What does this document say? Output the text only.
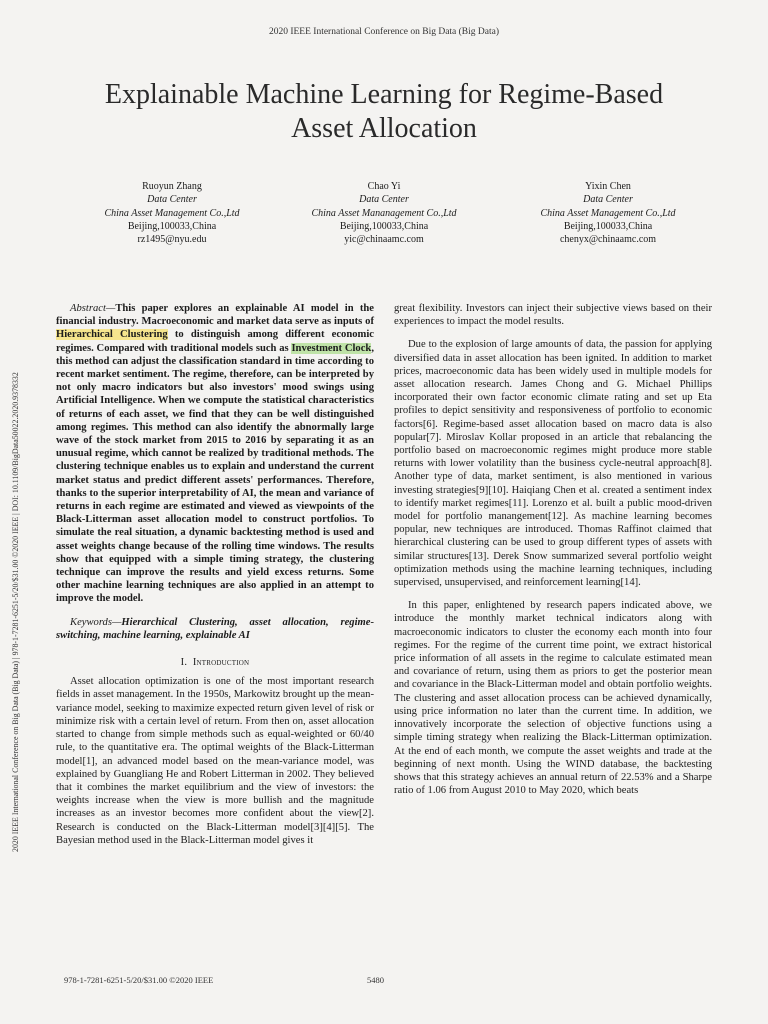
2020 IEEE International Conference on Big Data (Big Data)
Explainable Machine Learning for Regime-Based
Asset Allocation
Ruoyun Zhang
Data Center
China Asset Management Co.,Ltd
Beijing,100033,China
rz1495@nyu.edu
Chao Yi
Data Center
China Asset Mananagement Co.,Ltd
Beijing,100033,China
yic@chinaamc.com
Yixin Chen
Data Center
China Asset Management Co.,Ltd
Beijing,100033,China
chenyx@chinaamc.com
2020 IEEE International Conference on Big Data (Big Data) | 978-1-7281-6251-5/20/$31.00 ©2020 IEEE | DOI: 10.1109/BigData50022.2020.9378332

Abstract—This paper explores an explainable AI model in the financial industry. Macroeconomic and market data serve as inputs of Hierarchical Clustering to distinguish among different economic regimes. Compared with traditional models such as Investment Clock, this method can adjust the classification standard in time according to recent market sentiment. The regime, therefore, can be interpreted by not only macro indicators but also investors' mood swings using Artificial Intelligence. When we compute the statistical characteristics of returns of each asset, we find that they can be well distinguished among regimes. This method can also identify the abnormally large wave of the stock market from 2015 to 2016 by separating it as an unusual regime, which cannot be realized by traditional methods. The clustering technique enables us to explain and understand the current market status and predict different assets' performances. Therefore, thanks to the superior interpretability of AI, the mean and variance of returns in each regime are estimated and viewed as viewpoints of the Black-Litterman asset allocation model to construct portfolios. To simulate the real situation, a dynamic backtesting method is used and asset weights change because of the rolling time windows. The results show that equipped with a simple timing strategy, the clustering technique can improve the results and yield excess returns. Some other machine learning techniques are also applied in an attempt to improve the model.

Keywords—Hierarchical Clustering, asset allocation, regime-switching, machine learning, explainable AI

I. Introduction

Asset allocation optimization is one of the most important research fields in asset management. In the 1950s, Markowitz brought up the mean-variance model, seeking to maximize expected return given level of risk or minimize risk with a certain level of return. From then on, asset allocation started to change from simple methods such as equal-weighted or 60/40 rule, to the quantitative era. The optimal weights of the Black-Litterman model[1], an advanced model based on the mean-variance model, was explained by Guangliang He and Robert Litterman in 2002. They believed that it combines the market equilibrium and the view of investors: the weights increase when the view is more bullish and the magnitude increases as an investor becomes more confident about the view[2]. Research is conducted on the Black-Litterman model[3][4][5]. The Bayesian method used in the Black-Litterman model gives it

great flexibility. Investors can inject their subjective views based on their experiences to impact the model results.

Due to the explosion of large amounts of data, the passion for applying diversified data in asset allocation has been ignited. In addition to market prices, macroeconomic data has been widely used in multiple models for asset allocation research. James Chong and G. Michael Phillips incorporated their own factor economic climate rating and set up Eta profiles to depict sensitivity and responsiveness of portfolio to economic factors[6]. Regime-based asset allocation based on macro data is also popular[7]. Miroslav Kollar proposed in an article that rebalancing the portfolio based on macroeconomic regimes might produce more stable returns with lower volatility than the business cycle-neutral approach[8]. Another type of data, market sentiment, is also mentioned in various investing strategies[9][10]. Haiqiang Chen et al. created a sentiment index to identify market regimes[11]. Lorenzo et al. built a public mood-driven model for portfolio manangement[12]. As machine learning becomes popular, new techniques are introduced. Thomas Raffinot claimed that hierarchical clustering can be used to group different types of assets with similar structures[13]. Derek Snow summarized several portfolio weight optimization methods using the machine learning techniques, including supervised, unsupervised, and reinforcement learning[14].

In this paper, enlightened by research papers indicated above, we introduce the monthly market technical indicators along with macroeconomic indicators to cluster the economy each month into four regimes. For the regime of the current time point, we extract historical price information of all assets in the regime to calculate estimated mean and covariance of return, using them as priors to get the posterior mean and covariance in the Black-Litterman model and obtain portfolio weights. The clustering and asset allocation process can be achieved dynamically, using price information no later than the current time. In addition, we innovatively incorporate the selection of objective functions using a simple timing strategy when realizing the Black-Litterman optimization. At the end of each month, we compute the asset weights and trade at the beginning of next month. Using the WIND database, the backtesting shows that this strategy achieves an annual return of 22.53% and a Sharpe ratio of 1.06 from August 2010 to May 2020, which beats

978-1-7281-6251-5/20/$31.00 ©2020 IEEE	5480
